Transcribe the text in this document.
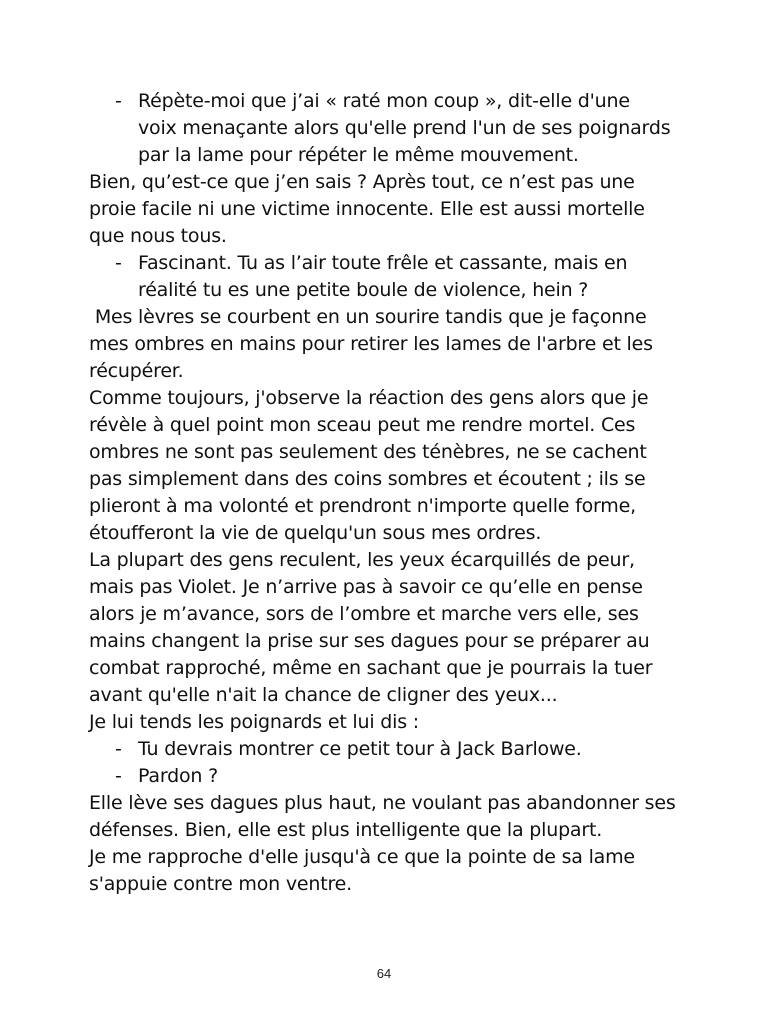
- Répète-moi que j’ai « raté mon coup », dit-elle d'une
voix menaçante alors qu'elle prend l'un de ses poignards
par la lame pour répéter le même mouvement.
Bien, qu’est-ce que j’en sais ? Après tout, ce n’est pas une
proie facile ni une victime innocente. Elle est aussi mortelle
que nous tous.
- Fascinant. Tu as l’air toute frêle et cassante, mais en
réalité tu es une petite boule de violence, hein ?
Mes lèvres se courbent en un sourire tandis que je façonne
mes ombres en mains pour retirer les lames de l'arbre et les
récupérer.
Comme toujours, j'observe la réaction des gens alors que je
révèle à quel point mon sceau peut me rendre mortel. Ces
ombres ne sont pas seulement des ténèbres, ne se cachent
pas simplement dans des coins sombres et écoutent ; ils se
plieront à ma volonté et prendront n'importe quelle forme,
étoufferont la vie de quelqu'un sous mes ordres.
La plupart des gens reculent, les yeux écarquillés de peur,
mais pas Violet. Je n’arrive pas à savoir ce qu’elle en pense
alors je m’avance, sors de l’ombre et marche vers elle, ses
mains changent la prise sur ses dagues pour se préparer au
combat rapproché, même en sachant que je pourrais la tuer
avant qu'elle n'ait la chance de cligner des yeux...
Je lui tends les poignards et lui dis :
- Tu devrais montrer ce petit tour à Jack Barlowe.
- Pardon ?
Elle lève ses dagues plus haut, ne voulant pas abandonner ses
défenses. Bien, elle est plus intelligente que la plupart.
Je me rapproche d'elle jusqu'à ce que la pointe de sa lame
s'appuie contre mon ventre.
64
